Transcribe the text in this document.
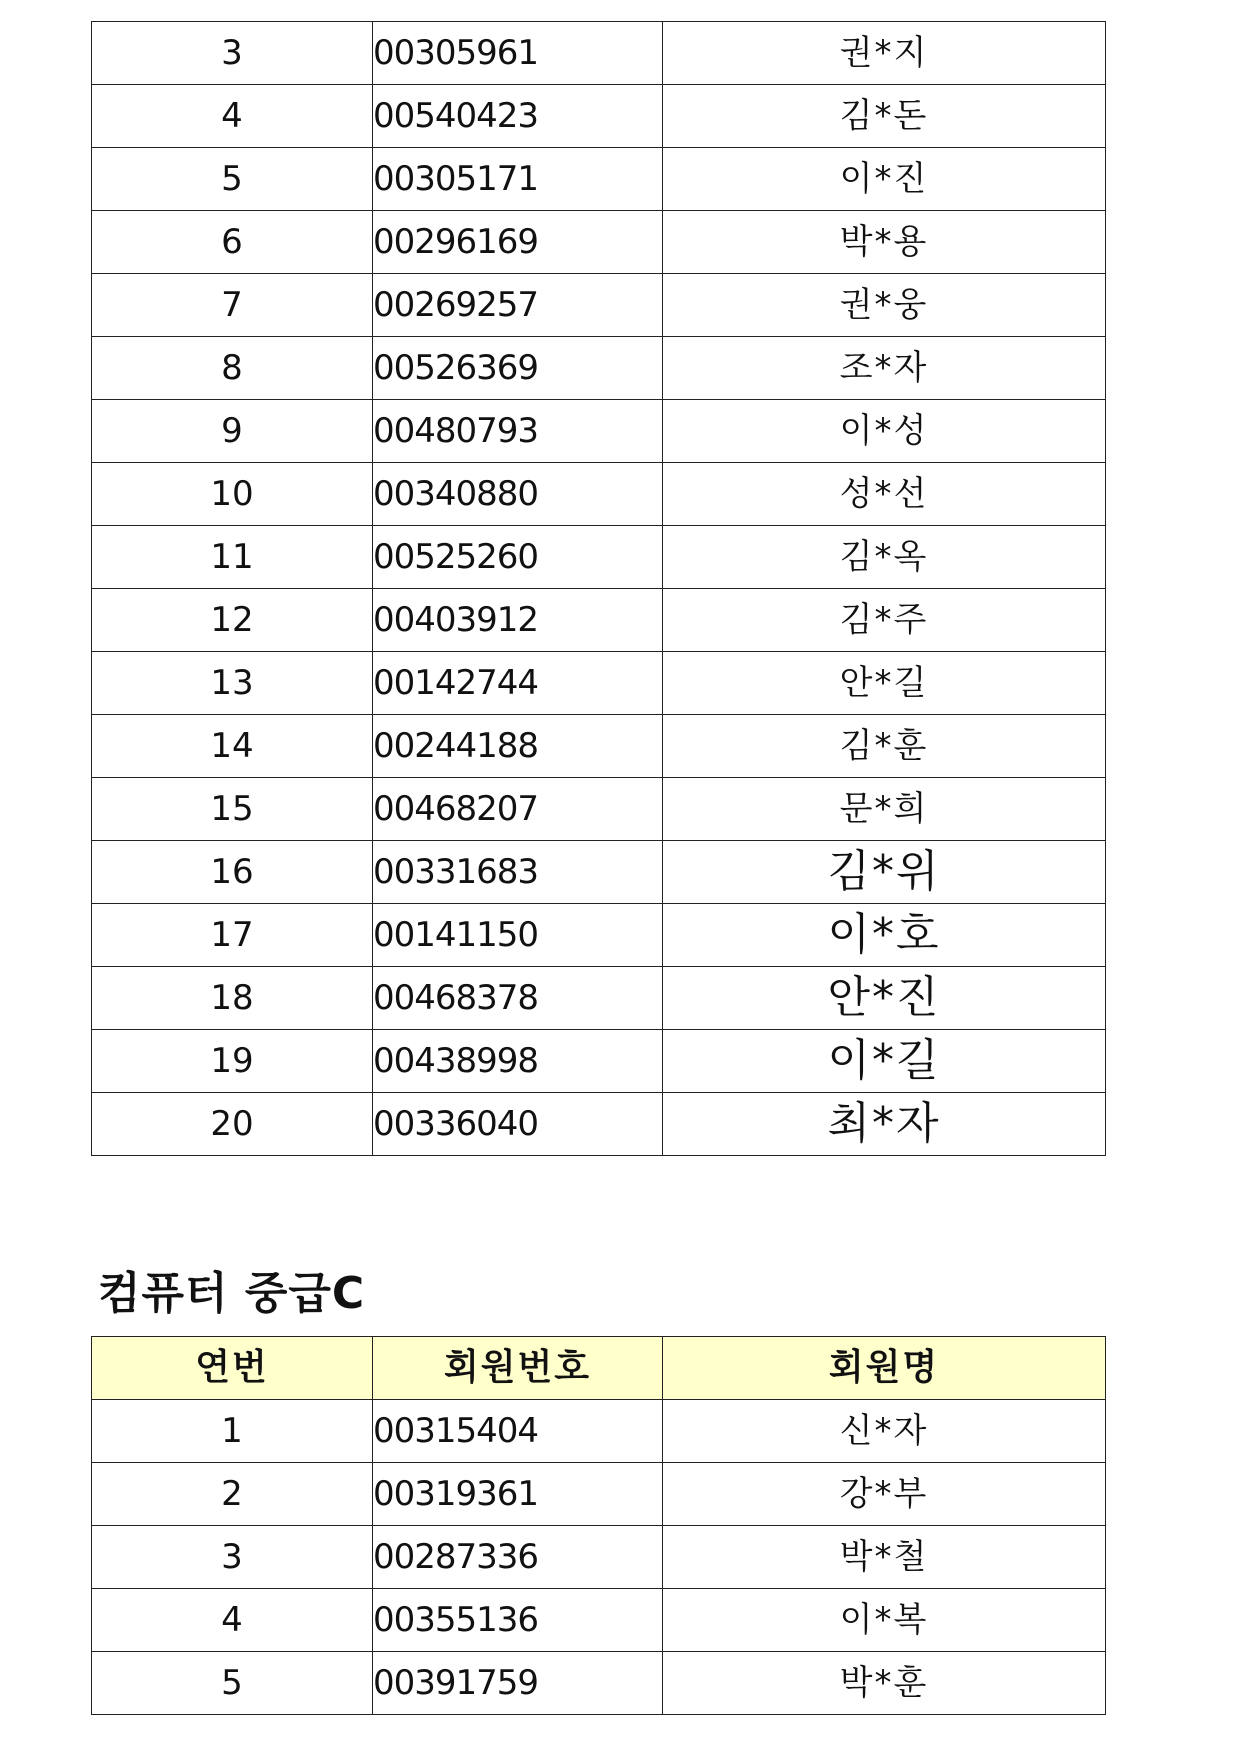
3	00305961	권*지
4	00540423	김*돈
5	00305171	이*진
6	00296169	박*용
7	00269257	권*웅
8	00526369	조*자
9	00480793	이*성
10	00340880	성*선
11	00525260	김*옥
12	00403912	김*주
13	00142744	안*길
14	00244188	김*훈
15	00468207	문*희
16	00331683	김*위
17	00141150	이*호
18	00468378	안*진
19	00438998	이*길
20	00336040	최*자
컴퓨터 중급C
연번	회원번호	회원명
1	00315404	신*자
2	00319361	강*부
3	00287336	박*철
4	00355136	이*복
5	00391759	박*훈
